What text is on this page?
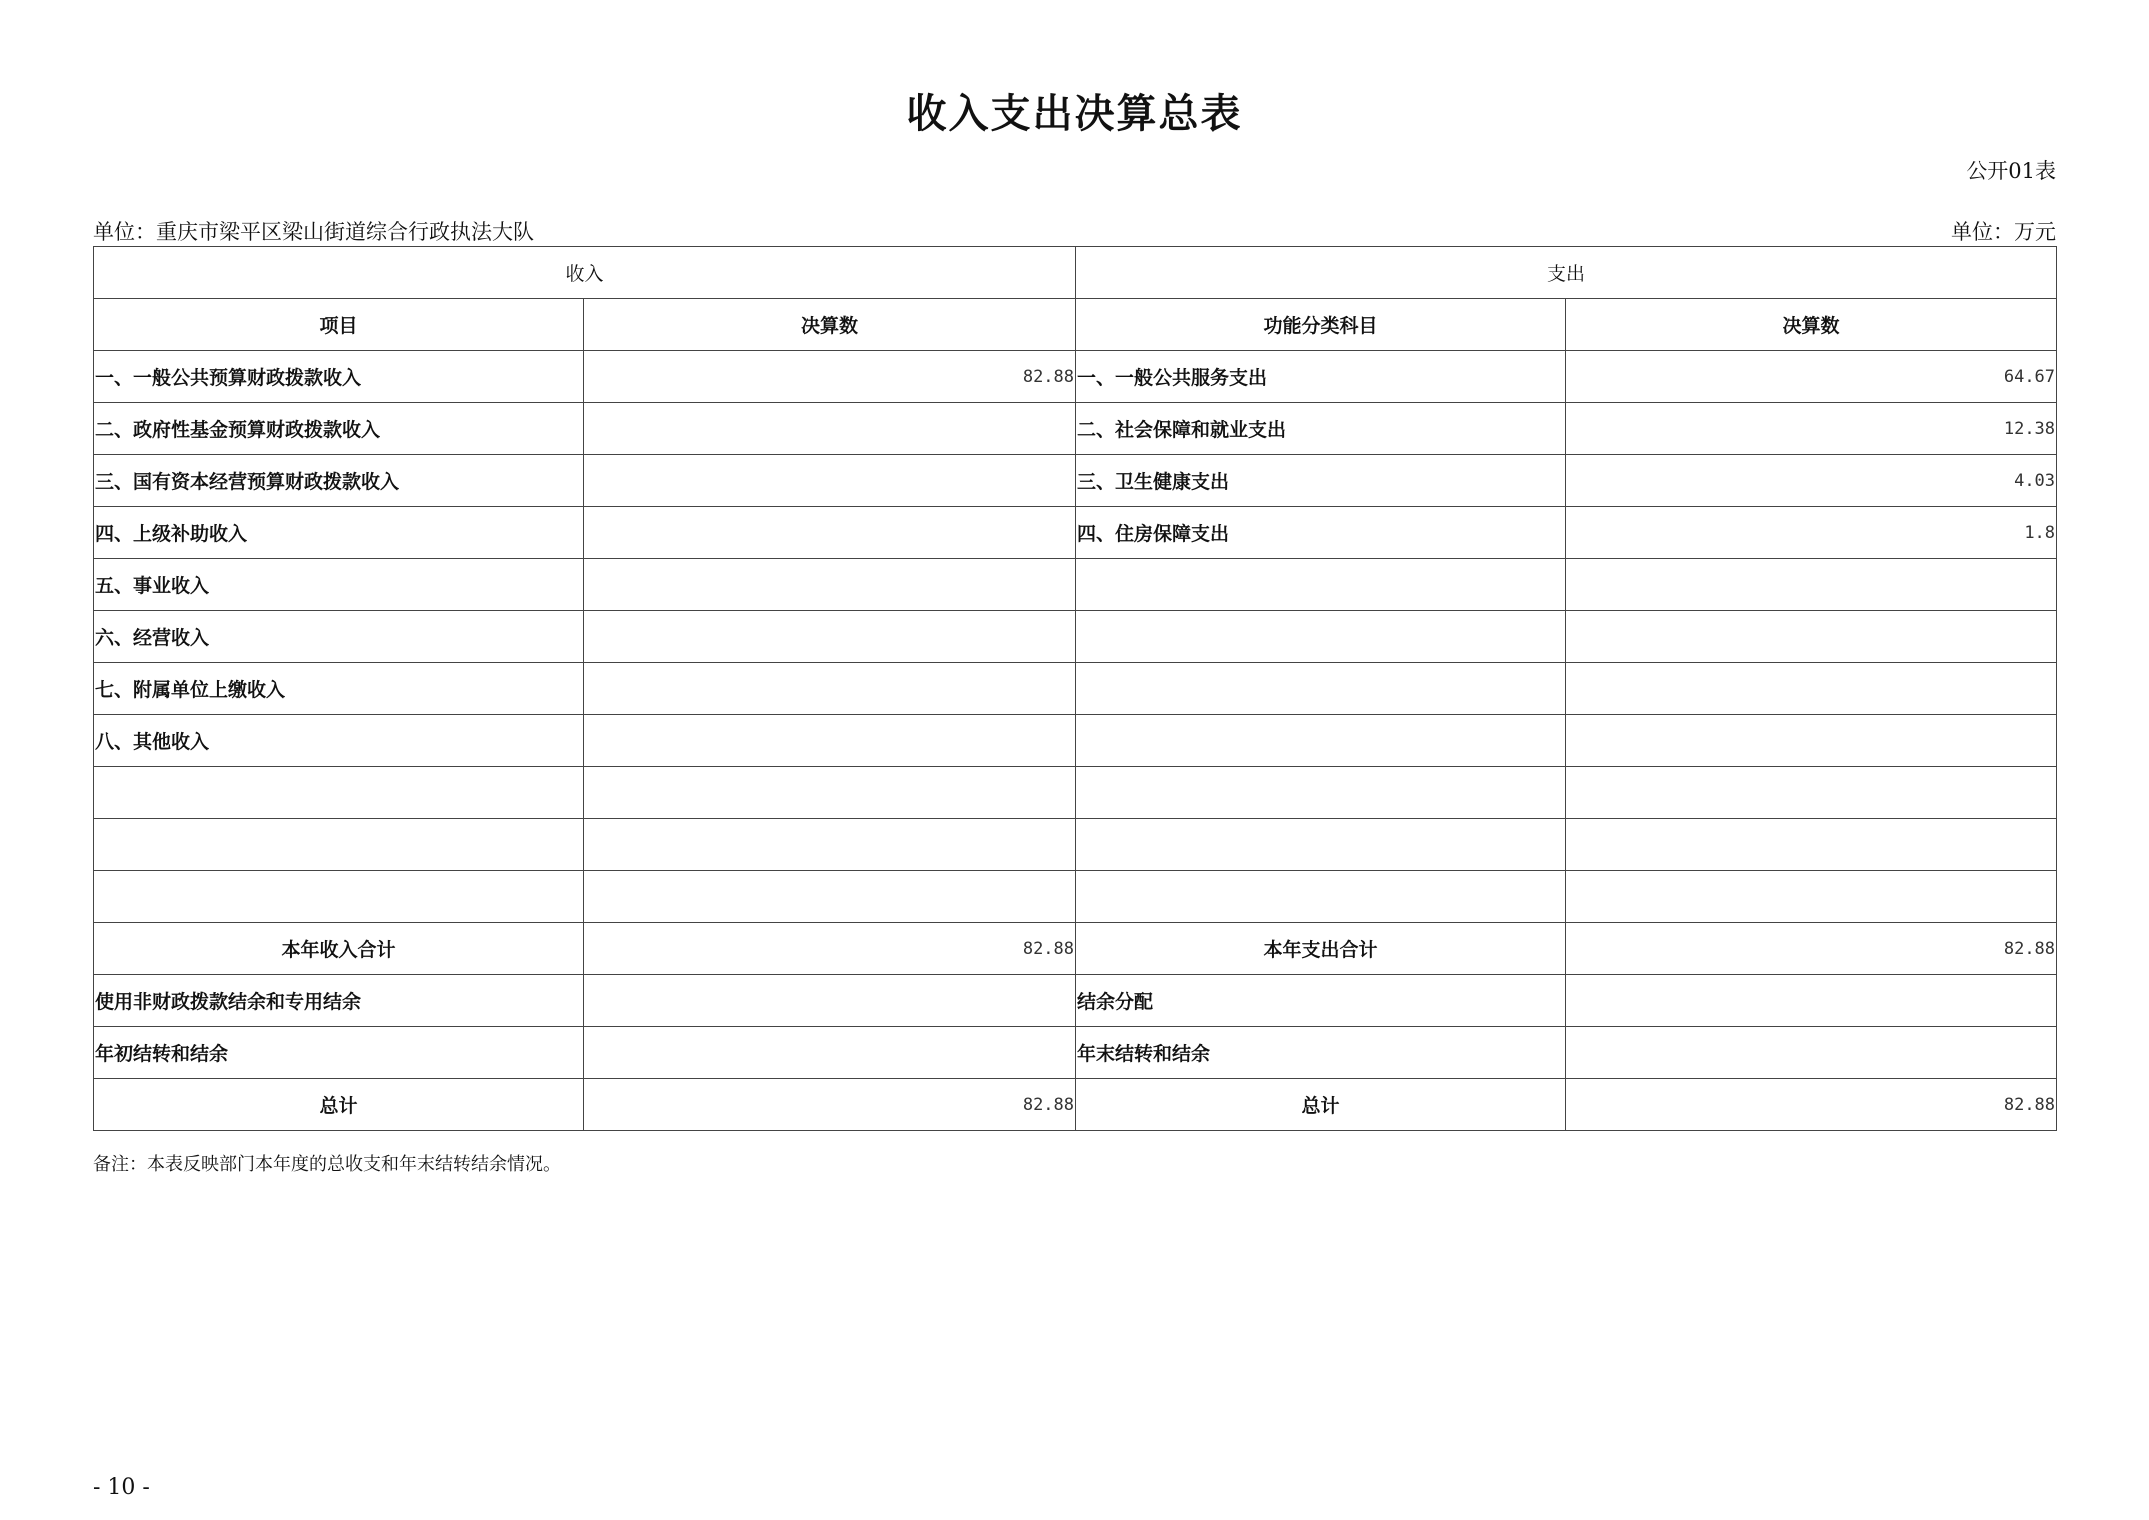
收入支出决算总表
公开01表
单位：重庆市梁平区梁山街道综合行政执法大队	单位：万元
收入		支出	
项目	决算数	功能分类科目	决算数
一、一般公共预算财政拨款收入	82.88	一、一般公共服务支出	64.67
二、政府性基金预算财政拨款收入		二、社会保障和就业支出	12.38
三、国有资本经营预算财政拨款收入		三、卫生健康支出	4.03
四、上级补助收入		四、住房保障支出	1.8
五、事业收入			
六、经营收入			
七、附属单位上缴收入			
八、其他收入			

本年收入合计	82.88	本年支出合计	82.88
使用非财政拨款结余和专用结余		结余分配	
年初结转和结余		年末结转和结余	
总计	82.88	总计	82.88
备注：本表反映部门本年度的总收支和年末结转结余情况。
- 10 -
